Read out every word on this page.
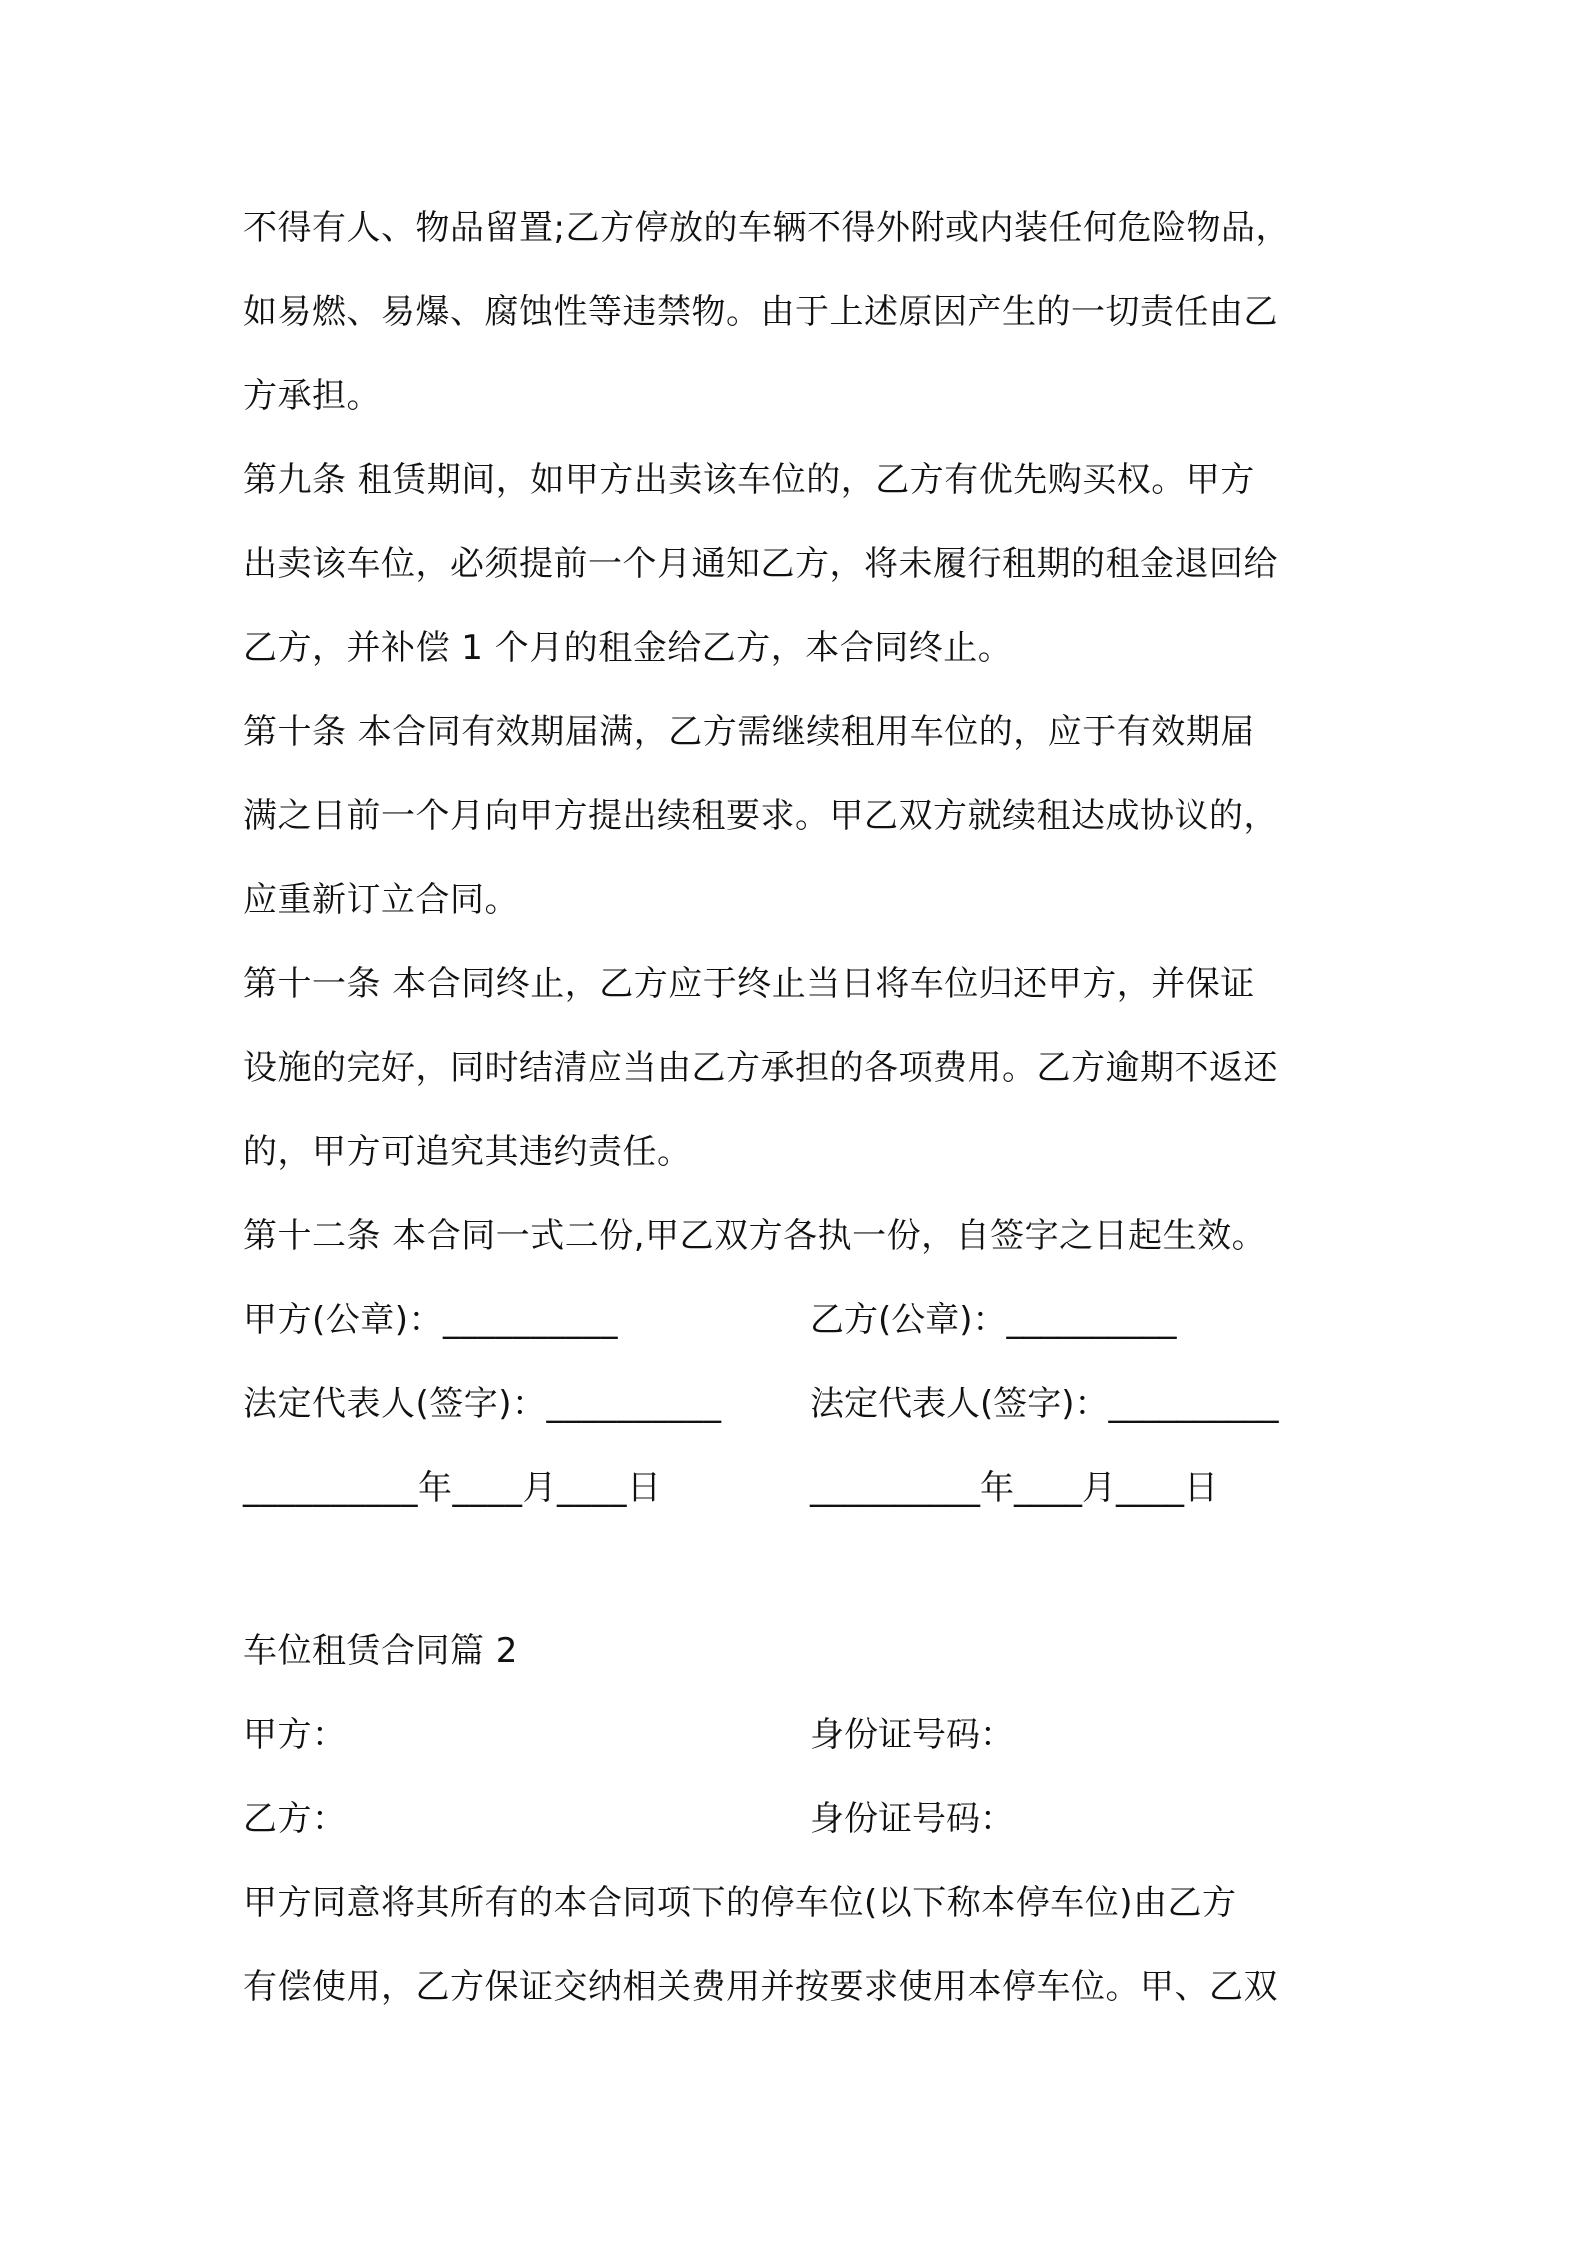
不得有人、物品留置;乙方停放的车辆不得外附或内装任何危险物品，
如易燃、易爆、腐蚀性等违禁物。由于上述原因产生的一切责任由乙
方承担。
第九条 租赁期间，如甲方出卖该车位的，乙方有优先购买权。甲方
出卖该车位，必须提前一个月通知乙方，将未履行租期的租金退回给
乙方，并补偿 1 个月的租金给乙方，本合同终止。
第十条 本合同有效期届满，乙方需继续租用车位的，应于有效期届
满之日前一个月向甲方提出续租要求。甲乙双方就续租达成协议的，
应重新订立合同。
第十一条 本合同终止，乙方应于终止当日将车位归还甲方，并保证
设施的完好，同时结清应当由乙方承担的各项费用。乙方逾期不返还
的，甲方可追究其违约责任。
第十二条 本合同一式二份,甲乙双方各执一份，自签字之日起生效。
甲方(公章)：__________	乙方(公章)：__________
法定代表人(签字)：__________	法定代表人(签字)：__________
__________年____月____日	__________年____月____日
车位租赁合同篇 2
甲方：	身份证号码：
乙方：	身份证号码：
甲方同意将其所有的本合同项下的停车位(以下称本停车位)由乙方
有偿使用，乙方保证交纳相关费用并按要求使用本停车位。甲、乙双
